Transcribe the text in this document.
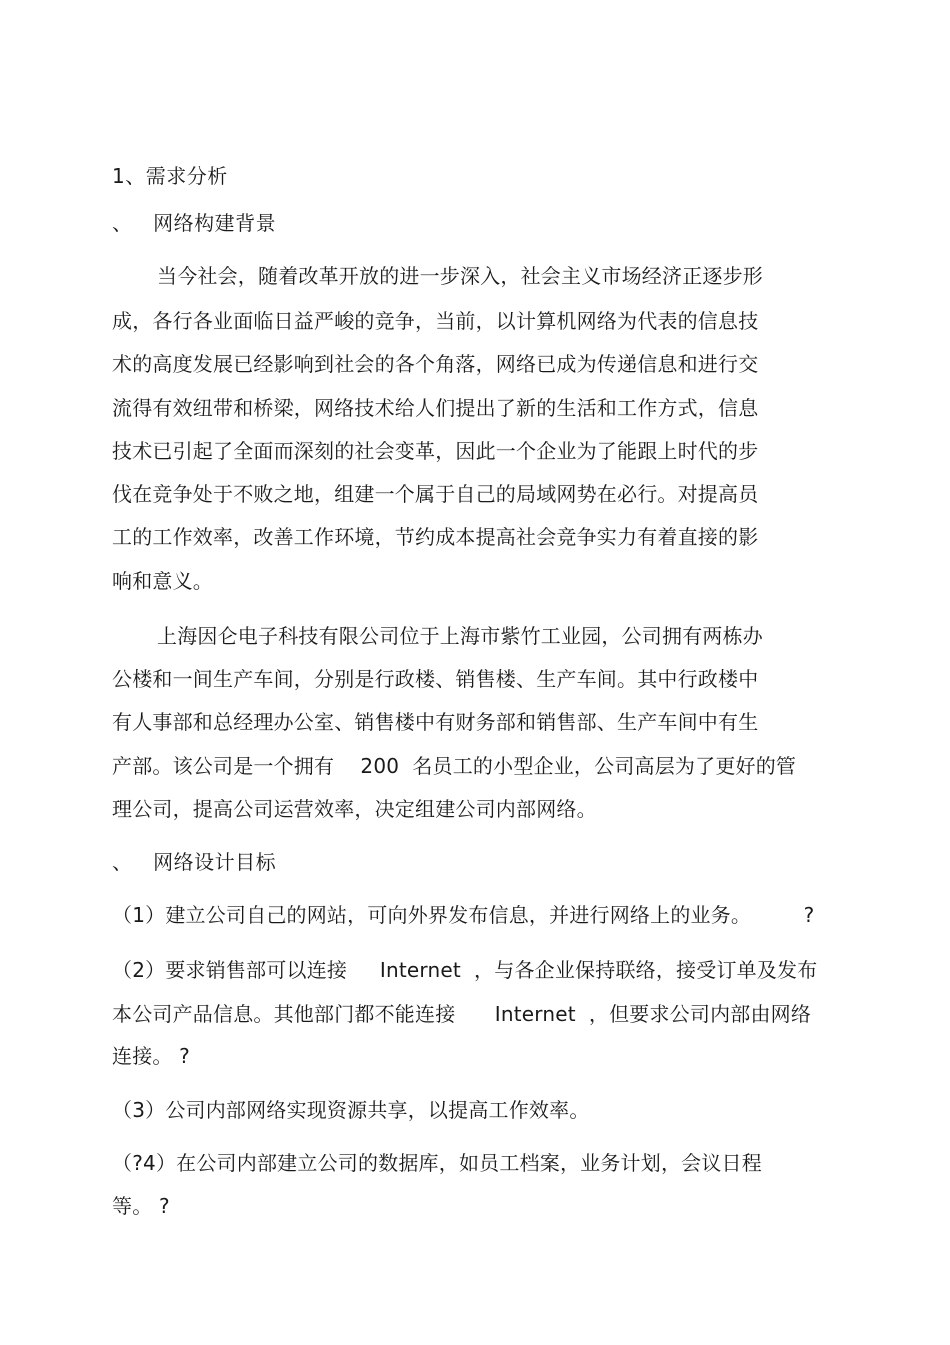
1、需求分析
、   网络构建背景
当今社会，随着改革开放的进一步深入，社会主义市场经济正逐步形
成，各行各业面临日益严峻的竞争，当前，以计算机网络为代表的信息技
术的高度发展已经影响到社会的各个角落，网络已成为传递信息和进行交
流得有效纽带和桥梁，网络技术给人们提出了新的生活和工作方式，信息
技术已引起了全面而深刻的社会变革，因此一个企业为了能跟上时代的步
伐在竞争处于不败之地，组建一个属于自己的局域网势在必行。对提高员
工的工作效率，改善工作环境，节约成本提高社会竞争实力有着直接的影
响和意义。
上海因仑电子科技有限公司位于上海市紫竹工业园，公司拥有两栋办
公楼和一间生产车间，分别是行政楼、销售楼、生产车间。其中行政楼中
有人事部和总经理办公室、销售楼中有财务部和销售部、生产车间中有生
产部。该公司是一个拥有    200  名员工的小型企业，公司高层为了更好的管
理公司，提高公司运营效率，决定组建公司内部网络。
、   网络设计目标
（1）建立公司自己的网站，可向外界发布信息，并进行网络上的业务。        ?
（2）要求销售部可以连接     Internet  ，与各企业保持联络，接受订单及发布
本公司产品信息。其他部门都不能连接      Internet  ，但要求公司内部由网络
连接。 ?
（3）公司内部网络实现资源共享，以提高工作效率。
（?4）在公司内部建立公司的数据库，如员工档案，业务计划，会议日程
等。 ?
